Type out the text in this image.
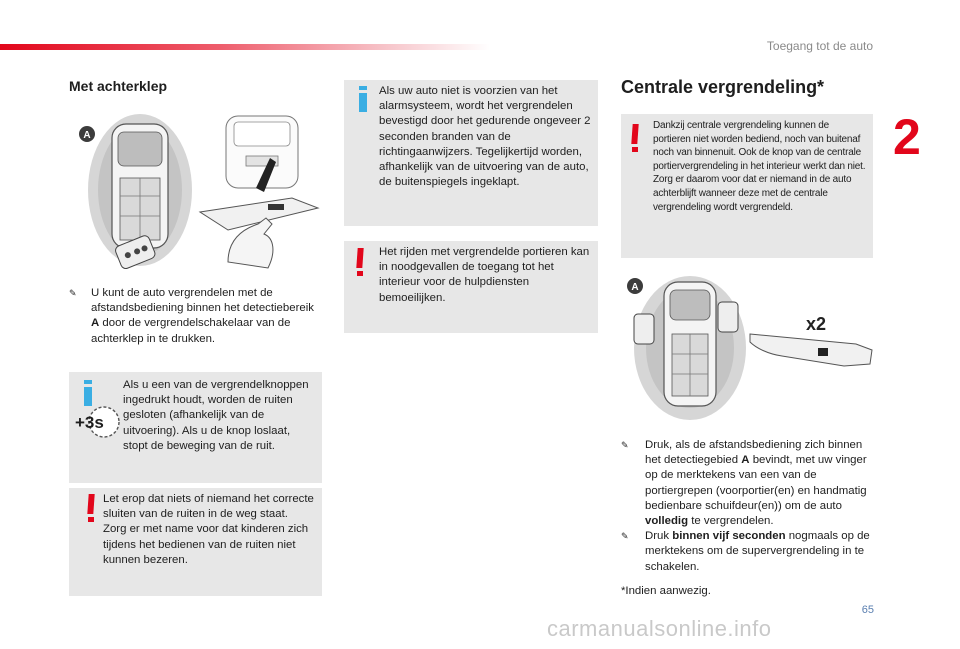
Toegang tot de auto
2
Met achterklep
A
✎	U kunt de auto vergrendelen met de afstandsbediening binnen het detectiebereik
A door de vergrendelschakelaar van de achterklep in te drukken.
+3s
Als u een van de vergrendelknoppen ingedrukt houdt, worden de ruiten gesloten (afhankelijk van de uitvoering). Als u de knop loslaat, stopt de beweging van de ruit.
Let erop dat niets of niemand het correcte sluiten van de ruiten in de weg staat.
Zorg er met name voor dat kinderen zich tijdens het bedienen van de ruiten niet kunnen bezeren.
Als uw auto niet is voorzien van het alarmsysteem, wordt het vergrendelen bevestigd door het gedurende ongeveer 2 seconden branden van de richtingaanwijzers. Tegelijkertijd worden, afhankelijk van de uitvoering van de auto, de buitenspiegels ingeklapt.
Het rijden met vergrendelde portieren kan in noodgevallen de toegang tot het interieur voor de hulpdiensten bemoeilijken.
Centrale vergrendeling*
Dankzij centrale vergrendeling kunnen de portieren niet worden bediend, noch van buitenaf noch van binnenuit. Ook de knop van de centrale portiervergrendeling in het interieur werkt dan niet. Zorg er daarom voor dat er niemand in de auto achterblijft wanneer deze met de centrale vergrendeling wordt vergrendeld.
A
x2
✎ Druk, als de afstandsbediening zich binnen het detectiegebied A bevindt, met uw vinger op de merktekens van een van de portiergrepen (voorportier(en) en handmatig bedienbare schuifdeur(en)) om de auto volledig te vergrendelen.
✎ Druk binnen vijf seconden nogmaals op de merktekens om de supervergrendeling in te schakelen.
*Indien aanwezig.
65
carmanualsonline.info
